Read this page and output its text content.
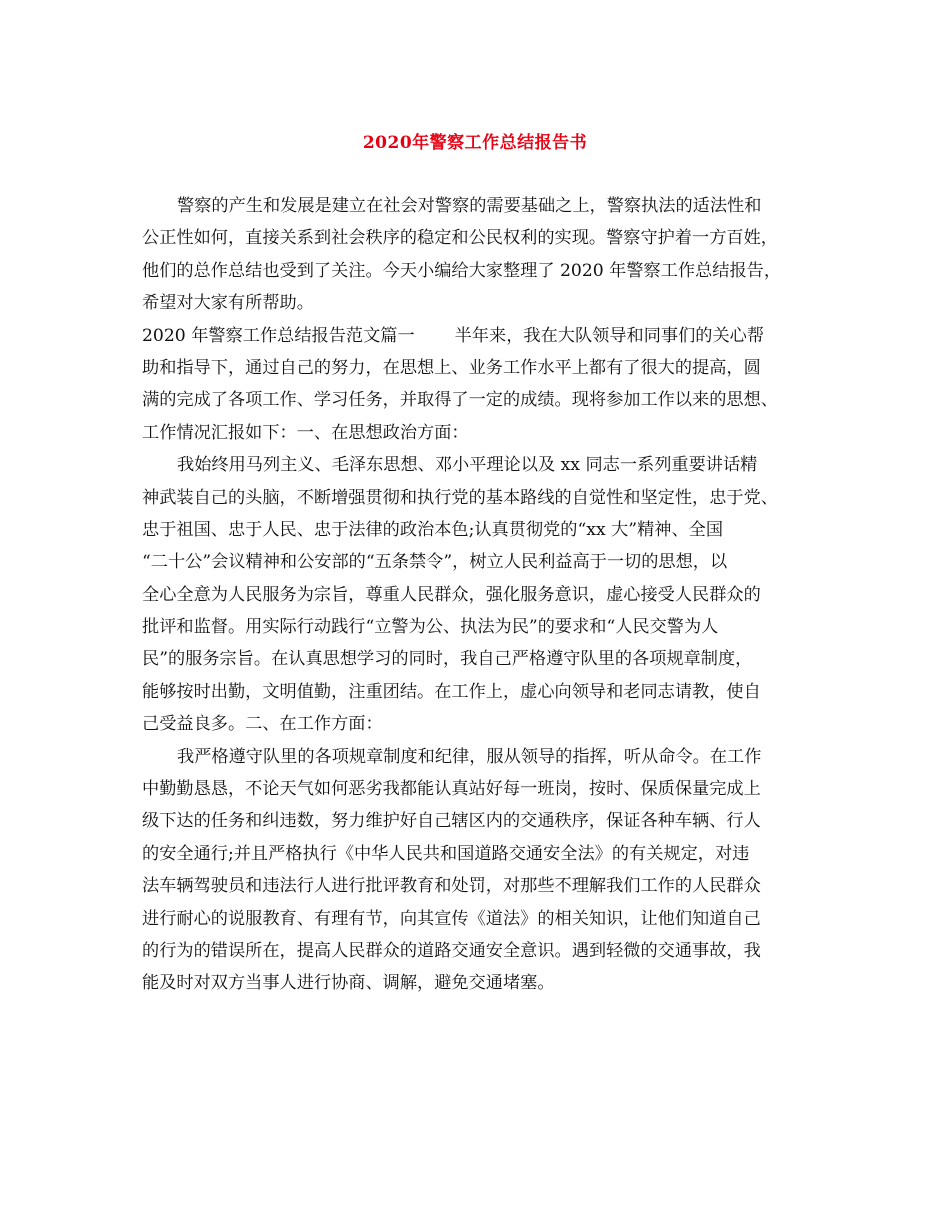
2020年警察工作总结报告书
警察的产生和发展是建立在社会对警察的需要基础之上，警察执法的适法性和
公正性如何，直接关系到社会秩序的稳定和公民权利的实现。警察守护着一方百姓，
他们的总作总结也受到了关注。今天小编给大家整理了 2020 年警察工作总结报告，
希望对大家有所帮助。
2020 年警察工作总结报告范文篇一 半年来，我在大队领导和同事们的关心帮
助和指导下，通过自己的努力，在思想上、业务工作水平上都有了很大的提高，圆
满的完成了各项工作、学习任务，并取得了一定的成绩。现将参加工作以来的思想、
工作情况汇报如下：一、在思想政治方面：
我始终用马列主义、毛泽东思想、邓小平理论以及 xx 同志一系列重要讲话精
神武装自己的头脑，不断增强贯彻和执行党的基本路线的自觉性和坚定性，忠于党、
忠于祖国、忠于人民、忠于法律的政治本色;认真贯彻党的“xx 大”精神、全国
“二十公”会议精神和公安部的“五条禁令”，树立人民利益高于一切的思想，以
全心全意为人民服务为宗旨，尊重人民群众，强化服务意识，虚心接受人民群众的
批评和监督。用实际行动践行“立警为公、执法为民”的要求和“人民交警为人
民”的服务宗旨。在认真思想学习的同时，我自己严格遵守队里的各项规章制度，
能够按时出勤，文明值勤，注重团结。在工作上，虚心向领导和老同志请教，使自
己受益良多。二、在工作方面：
我严格遵守队里的各项规章制度和纪律，服从领导的指挥，听从命令。在工作
中勤勤恳恳，不论天气如何恶劣我都能认真站好每一班岗，按时、保质保量完成上
级下达的任务和纠违数，努力维护好自己辖区内的交通秩序，保证各种车辆、行人
的安全通行;并且严格执行《中华人民共和国道路交通安全法》的有关规定，对违
法车辆驾驶员和违法行人进行批评教育和处罚，对那些不理解我们工作的人民群众
进行耐心的说服教育、有理有节，向其宣传《道法》的相关知识，让他们知道自己
的行为的错误所在，提高人民群众的道路交通安全意识。遇到轻微的交通事故，我
能及时对双方当事人进行协商、调解，避免交通堵塞。
